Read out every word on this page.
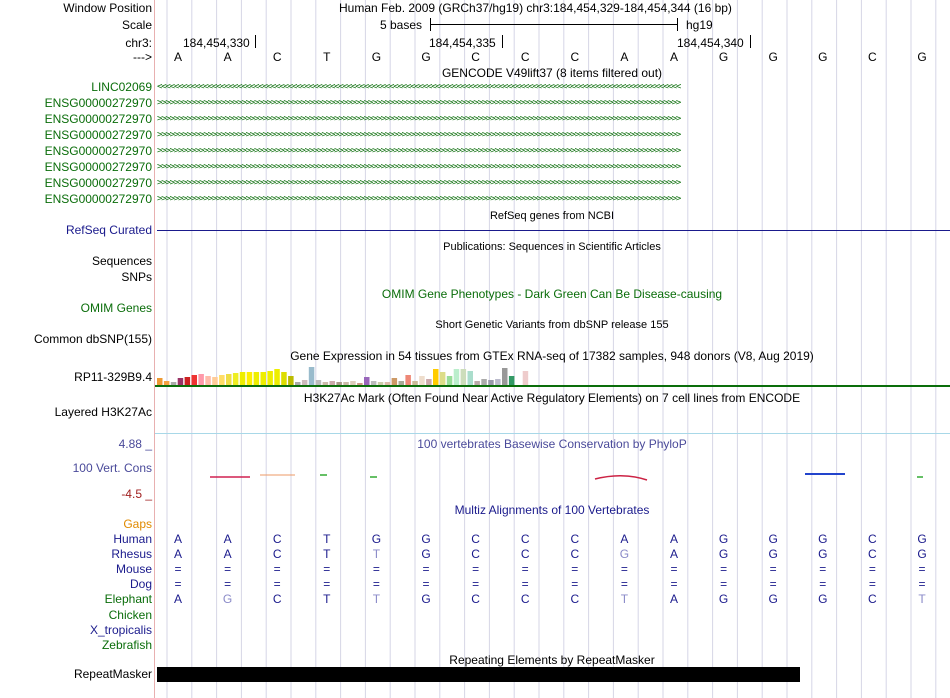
Window Position
Scale
chr3:
--->
Human Feb. 2009 (GRCh37/hg19) chr3:184,454,329-184,454,344 (16 bp)
5 bases	hg19
184,454,330	184,454,335	184,454,340
A	A	C	T	G	G	C	C	C	A	A	G	G	G	C	G
GENCODE V49lift37 (8 items filtered out)
LINC02069 <<<<<<<<<<<<<<<<<<<<<<<<<<<<<<<<<<<<<<<<<<<<<<<<<<<<<<<<<<<<<<<<<<<<<<<<<<<<<<<<<<<<<<<<<<<<<<<<<<<<<<<<<<<<<<<<<<<<<<<<<<<<
ENSG00000272970 >>>>>>>>>>>>>>>>>>>>>>>>>>>>>>>>>>>>>>>>>>>>>>>>>>>>>>>>>>>>>>>>>>>>>>>>>>>>>>>>>>>>>>>>>>>>>>>>>>>>>>>>>>>>>>>>>>>>>>>>>>>>
ENSG00000272970 >>>>>>>>>>>>>>>>>>>>>>>>>>>>>>>>>>>>>>>>>>>>>>>>>>>>>>>>>>>>>>>>>>>>>>>>>>>>>>>>>>>>>>>>>>>>>>>>>>>>>>>>>>>>>>>>>>>>>>>>>>>>
ENSG00000272970 >>>>>>>>>>>>>>>>>>>>>>>>>>>>>>>>>>>>>>>>>>>>>>>>>>>>>>>>>>>>>>>>>>>>>>>>>>>>>>>>>>>>>>>>>>>>>>>>>>>>>>>>>>>>>>>>>>>>>>>>>>>>
ENSG00000272970 >>>>>>>>>>>>>>>>>>>>>>>>>>>>>>>>>>>>>>>>>>>>>>>>>>>>>>>>>>>>>>>>>>>>>>>>>>>>>>>>>>>>>>>>>>>>>>>>>>>>>>>>>>>>>>>>>>>>>>>>>>>>
ENSG00000272970 >>>>>>>>>>>>>>>>>>>>>>>>>>>>>>>>>>>>>>>>>>>>>>>>>>>>>>>>>>>>>>>>>>>>>>>>>>>>>>>>>>>>>>>>>>>>>>>>>>>>>>>>>>>>>>>>>>>>>>>>>>>>
ENSG00000272970 >>>>>>>>>>>>>>>>>>>>>>>>>>>>>>>>>>>>>>>>>>>>>>>>>>>>>>>>>>>>>>>>>>>>>>>>>>>>>>>>>>>>>>>>>>>>>>>>>>>>>>>>>>>>>>>>>>>>>>>>>>>>
ENSG00000272970 >>>>>>>>>>>>>>>>>>>>>>>>>>>>>>>>>>>>>>>>>>>>>>>>>>>>>>>>>>>>>>>>>>>>>>>>>>>>>>>>>>>>>>>>>>>>>>>>>>>>>>>>>>>>>>>>>>>>>>>>>>>>
RefSeq genes from NCBI
RefSeq Curated
Publications: Sequences in Scientific Articles
Sequences
SNPs
OMIM Gene Phenotypes - Dark Green Can Be Disease-causing
OMIM Genes
Short Genetic Variants from dbSNP release 155
Common dbSNP(155)
Gene Expression in 54 tissues from GTEx RNA-seq of 17382 samples, 948 donors (V8, Aug 2019)
RP11-329B9.4
H3K27Ac Mark (Often Found Near Active Regulatory Elements) on 7 cell lines from ENCODE
Layered H3K27Ac
100 vertebrates Basewise Conservation by PhyloP
4.88 _
100 Vert. Cons
-4.5 _
Multiz Alignments of 100 Vertebrates
Gaps
Human A	A	C	T	G	G	C	C	C	A	A	G	G	G	C	G
Rhesus A	A	C	T	T	G	C	C	C	G	A	G	G	G	C	G
Mouse =	=	=	=	=	=	=	=	=	=	=	=	=	=	=	=
Dog =	=	=	=	=	=	=	=	=	=	=	=	=	=	=	=
Elephant A	G	C	T	T	G	C	C	C	T	A	G	G	G	C	T
Chicken
X_tropicalis
Zebrafish
Repeating Elements by RepeatMasker
RepeatMasker
